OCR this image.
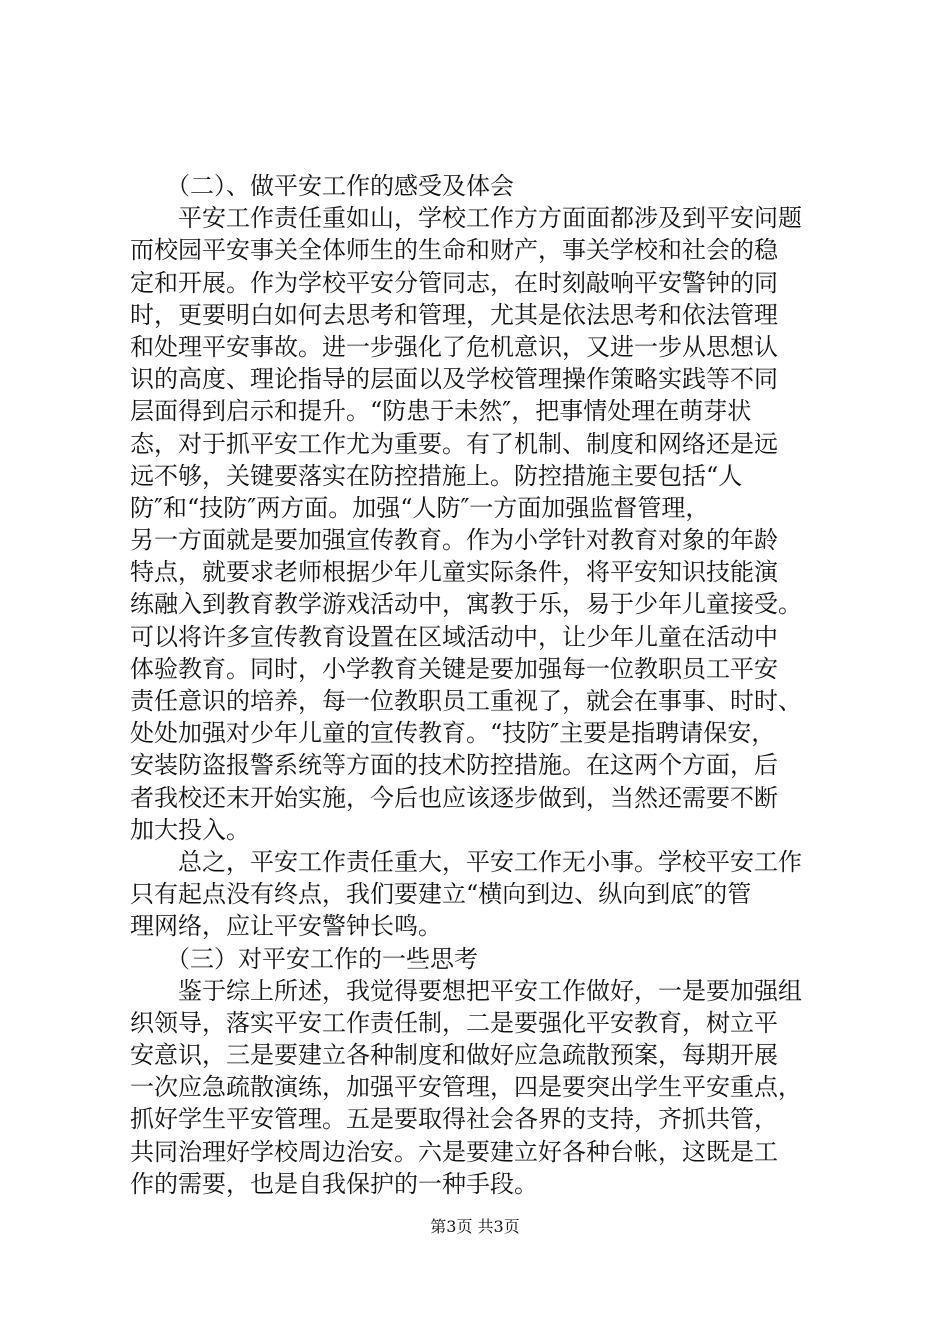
（二）、做平安工作的感受及体会
平安工作责任重如山，学校工作方方面面都涉及到平安问题
而校园平安事关全体师生的生命和财产，事关学校和社会的稳
定和开展。作为学校平安分管同志，在时刻敲响平安警钟的同
时，更要明白如何去思考和管理，尤其是依法思考和依法管理
和处理平安事故。进一步强化了危机意识，又进一步从思想认
识的高度、理论指导的层面以及学校管理操作策略实践等不同
层面得到启示和提升。“防患于未然″，把事情处理在萌芽状
态，对于抓平安工作尤为重要。有了机制、制度和网络还是远
远不够，关键要落实在防控措施上。防控措施主要包括“人
防″和“技防″两方面。加强“人防″一方面加强监督管理，
另一方面就是要加强宣传教育。作为小学针对教育对象的年龄
特点，就要求老师根据少年儿童实际条件，将平安知识技能演
练融入到教育教学游戏活动中，寓教于乐，易于少年儿童接受。
可以将许多宣传教育设置在区域活动中，让少年儿童在活动中
体验教育。同时，小学教育关键是要加强每一位教职员工平安
责任意识的培养，每一位教职员工重视了，就会在事事、时时、
处处加强对少年儿童的宣传教育。“技防″主要是指聘请保安，
安装防盗报警系统等方面的技术防控措施。在这两个方面，后
者我校还末开始实施，今后也应该逐步做到，当然还需要不断
加大投入。
总之，平安工作责任重大，平安工作无小事。学校平安工作
只有起点没有终点，我们要建立“横向到边、纵向到底″的管
理网络，应让平安警钟长鸣。
（三）对平安工作的一些思考
鉴于综上所述，我觉得要想把平安工作做好，一是要加强组
织领导，落实平安工作责任制，二是要强化平安教育，树立平
安意识，三是要建立各种制度和做好应急疏散预案，每期开展
一次应急疏散演练，加强平安管理，四是要突出学生平安重点，
抓好学生平安管理。五是要取得社会各界的支持，齐抓共管，
共同治理好学校周边治安。六是要建立好各种台帐，这既是工
作的需要，也是自我保护的一种手段。
第3页 共3页
